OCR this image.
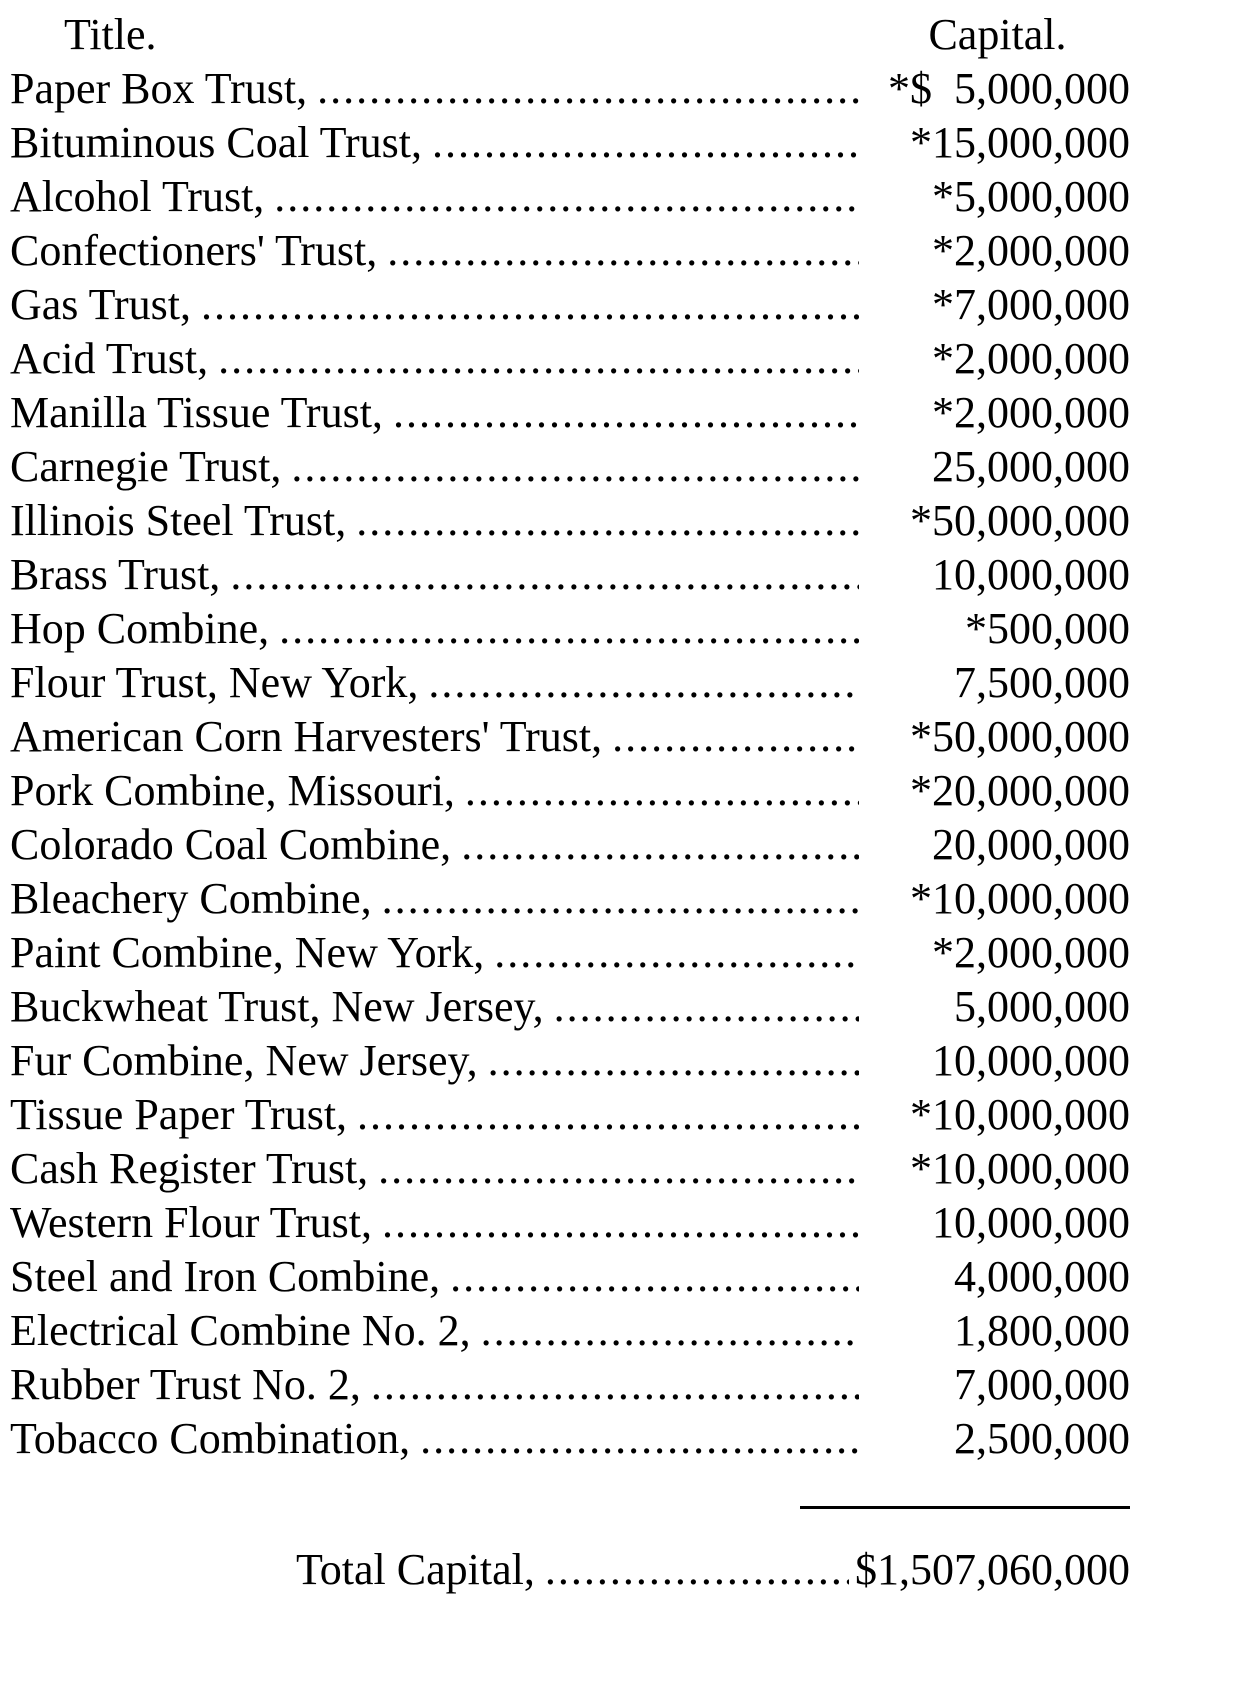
Title.	Capital.
Paper Box Trust, .....	*$  5,000,000
Bituminous Coal Trust, .....	*15,000,000
Alcohol Trust, .....	*5,000,000
Confectioners' Trust, .....	*2,000,000
Gas Trust, .....	*7,000,000
Acid Trust, .....	*2,000,000
Manilla Tissue Trust, .....	*2,000,000
Carnegie Trust, .....	25,000,000
Illinois Steel Trust, .....	*50,000,000
Brass Trust, .....	10,000,000
Hop Combine, .....	*500,000
Flour Trust, New York, .....	7,500,000
American Corn Harvesters' Trust, .....	*50,000,000
Pork Combine, Missouri, .....	*20,000,000
Colorado Coal Combine, .....	20,000,000
Bleachery Combine, .....	*10,000,000
Paint Combine, New York, .....	*2,000,000
Buckwheat Trust, New Jersey, .....	5,000,000
Fur Combine, New Jersey, .....	10,000,000
Tissue Paper Trust, .....	*10,000,000
Cash Register Trust, .....	*10,000,000
Western Flour Trust, .....	10,000,000
Steel and Iron Combine, .....	4,000,000
Electrical Combine No. 2, .....	1,800,000
Rubber Trust No. 2, .....	7,000,000
Tobacco Combination, .....	2,500,000
Total Capital, .....	$1,507,060,000
